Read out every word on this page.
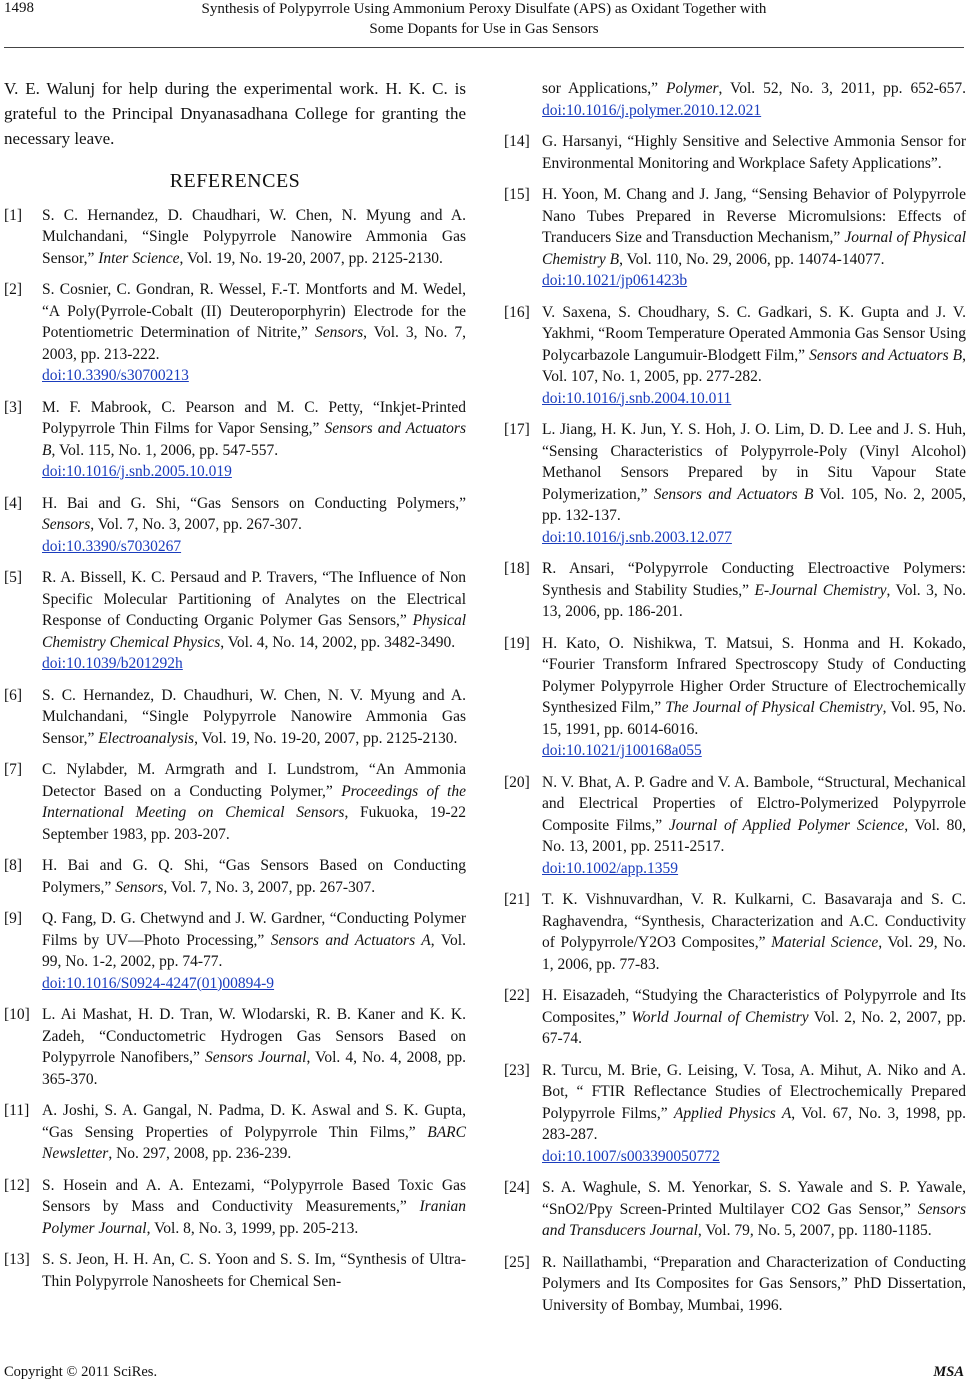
1498	Synthesis of Polypyrrole Using Ammonium Peroxy Disulfate (APS) as Oxidant Together with
Some Dopants for Use in Gas Sensors

V. E. Walunj for help during the experimental work. H. K. C. is grateful to the Principal Dnyanasadhana College for granting the necessary leave.

REFERENCES
[1]	S. C. Hernandez, D. Chaudhari, W. Chen, N. Myung and A. Mulchandani, “Single Polypyrrole Nanowire Ammonia Gas Sensor,” Inter Science, Vol. 19, No. 19-20, 2007, pp. 2125-2130.
[2]	S. Cosnier, C. Gondran, R. Wessel, F.-T. Montforts and M. Wedel, “A Poly(Pyrrole-Cobalt (II) Deuteroporphyrin) Electrode for the Potentiometric Determination of Nitrite,” Sensors, Vol. 3, No. 7, 2003, pp. 213-222.
doi:10.3390/s30700213
[3]	M. F. Mabrook, C. Pearson and M. C. Petty, “Inkjet-Printed Polypyrrole Thin Films for Vapor Sensing,” Sensors and Actuators B, Vol. 115, No. 1, 2006, pp. 547-557.
doi:10.1016/j.snb.2005.10.019
[4]	H. Bai and G. Shi, “Gas Sensors on Conducting Polymers,” Sensors, Vol. 7, No. 3, 2007, pp. 267-307.
doi:10.3390/s7030267
[5]	R. A. Bissell, K. C. Persaud and P. Travers, “The Influence of Non Specific Molecular Partitioning of Analytes on the Electrical Response of Conducting Organic Polymer Gas Sensors,” Physical Chemistry Chemical Physics, Vol. 4, No. 14, 2002, pp. 3482-3490.
doi:10.1039/b201292h
[6]	S. C. Hernandez, D. Chaudhuri, W. Chen, N. V. Myung and A. Mulchandani, “Single Polypyrrole Nanowire Ammonia Gas Sensor,” Electroanalysis, Vol. 19, No. 19-20, 2007, pp. 2125-2130.
[7]	C. Nylabder, M. Armgrath and I. Lundstrom, “An Ammonia Detector Based on a Conducting Polymer,” Proceedings of the International Meeting on Chemical Sensors, Fukuoka, 19-22 September 1983, pp. 203-207.
[8]	H. Bai and G. Q. Shi, “Gas Sensors Based on Conducting Polymers,” Sensors, Vol. 7, No. 3, 2007, pp. 267-307.
[9]	Q. Fang, D. G. Chetwynd and J. W. Gardner, “Conducting Polymer Films by UV—Photo Processing,” Sensors and Actuators A, Vol. 99, No. 1-2, 2002, pp. 74-77.
doi:10.1016/S0924-4247(01)00894-9
[10] L. Ai Mashat, H. D. Tran, W. Wlodarski, R. B. Kaner and K. K. Zadeh, “Conductometric Hydrogen Gas Sensors Based on Polypyrrole Nanofibers,” Sensors Journal, Vol. 4, No. 4, 2008, pp. 365-370.
[11] A. Joshi, S. A. Gangal, N. Padma, D. K. Aswal and S. K. Gupta, “Gas Sensing Properties of Polypyrrole Thin Films,” BARC Newsletter, No. 297, 2008, pp. 236-239.
[12] S. Hosein and A. A. Entezami, “Polypyrrole Based Toxic Gas Sensors by Mass and Conductivity Measurements,” Iranian Polymer Journal, Vol. 8, No. 3, 1999, pp. 205-213.
[13] S. S. Jeon, H. H. An, C. S. Yoon and S. S. Im, “Synthesis of Ultra-Thin Polypyrrole Nanosheets for Chemical Sen-
sor Applications,” Polymer, Vol. 52, No. 3, 2011, pp. 652-657. doi:10.1016/j.polymer.2010.12.021
[14] G. Harsanyi, “Highly Sensitive and Selective Ammonia Sensor for Environmental Monitoring and Workplace Safety Applications”.
[15] H. Yoon, M. Chang and J. Jang, “Sensing Behavior of Polypyrrole Nano Tubes Prepared in Reverse Micromulsions: Effects of Tranducers Size and Transduction Mechanism,” Journal of Physical Chemistry B, Vol. 110, No. 29, 2006, pp. 14074-14077.
doi:10.1021/jp061423b
[16] V. Saxena, S. Choudhary, S. C. Gadkari, S. K. Gupta and J. V. Yakhmi, “Room Temperature Operated Ammonia Gas Sensor Using Polycarbazole Langumuir-Blodgett Film,” Sensors and Actuators B, Vol. 107, No. 1, 2005, pp. 277-282.
doi:10.1016/j.snb.2004.10.011
[17] L. Jiang, H. K. Jun, Y. S. Hoh, J. O. Lim, D. D. Lee and J. S. Huh, “Sensing Characteristics of Polypyrrole-Poly (Vinyl Alcohol) Methanol Sensors Prepared by in Situ Vapour State Polymerization,” Sensors and Actuators B Vol. 105, No. 2, 2005, pp. 132-137.
doi:10.1016/j.snb.2003.12.077
[18] R. Ansari, “Polypyrrole Conducting Electroactive Polymers: Synthesis and Stability Studies,” E-Journal Chemistry, Vol. 3, No. 13, 2006, pp. 186-201.
[19] H. Kato, O. Nishikwa, T. Matsui, S. Honma and H. Kokado, “Fourier Transform Infrared Spectroscopy Study of Conducting Polymer Polypyrrole Higher Order Structure of Electrochemically Synthesized Film,” The Journal of Physical Chemistry, Vol. 95, No. 15, 1991, pp. 6014-6016.
doi:10.1021/j100168a055
[20] N. V. Bhat, A. P. Gadre and V. A. Bambole, “Structural, Mechanical and Electrical Properties of Elctro-Polymerized Polypyrrole Composite Films,” Journal of Applied Polymer Science, Vol. 80, No. 13, 2001, pp. 2511-2517.
doi:10.1002/app.1359
[21] T. K. Vishnuvardhan, V. R. Kulkarni, C. Basavaraja and S. C. Raghavendra, “Synthesis, Characterization and A.C. Conductivity of Polypyrrole/Y2O3 Composites,” Material Science, Vol. 29, No. 1, 2006, pp. 77-83.
[22] H. Eisazadeh, “Studying the Characteristics of Polypyrrole and Its Composites,” World Journal of Chemistry Vol. 2, No. 2, 2007, pp. 67-74.
[23] R. Turcu, M. Brie, G. Leising, V. Tosa, A. Mihut, A. Niko and A. Bot, “ FTIR Reflectance Studies of Electrochemically Prepared Polypyrrole Films,” Applied Physics A, Vol. 67, No. 3, 1998, pp. 283-287.
doi:10.1007/s003390050772
[24] S. A. Waghule, S. M. Yenorkar, S. S. Yawale and S. P. Yawale, “SnO2/Ppy Screen-Printed Multilayer CO2 Gas Sensor,” Sensors and Transducers Journal, Vol. 79, No. 5, 2007, pp. 1180-1185.
[25] R. Naillathambi, “Preparation and Characterization of Conducting Polymers and Its Composites for Gas Sensors,” PhD Dissertation, University of Bombay, Mumbai, 1996.
Copyright © 2011 SciRes.	MSA
